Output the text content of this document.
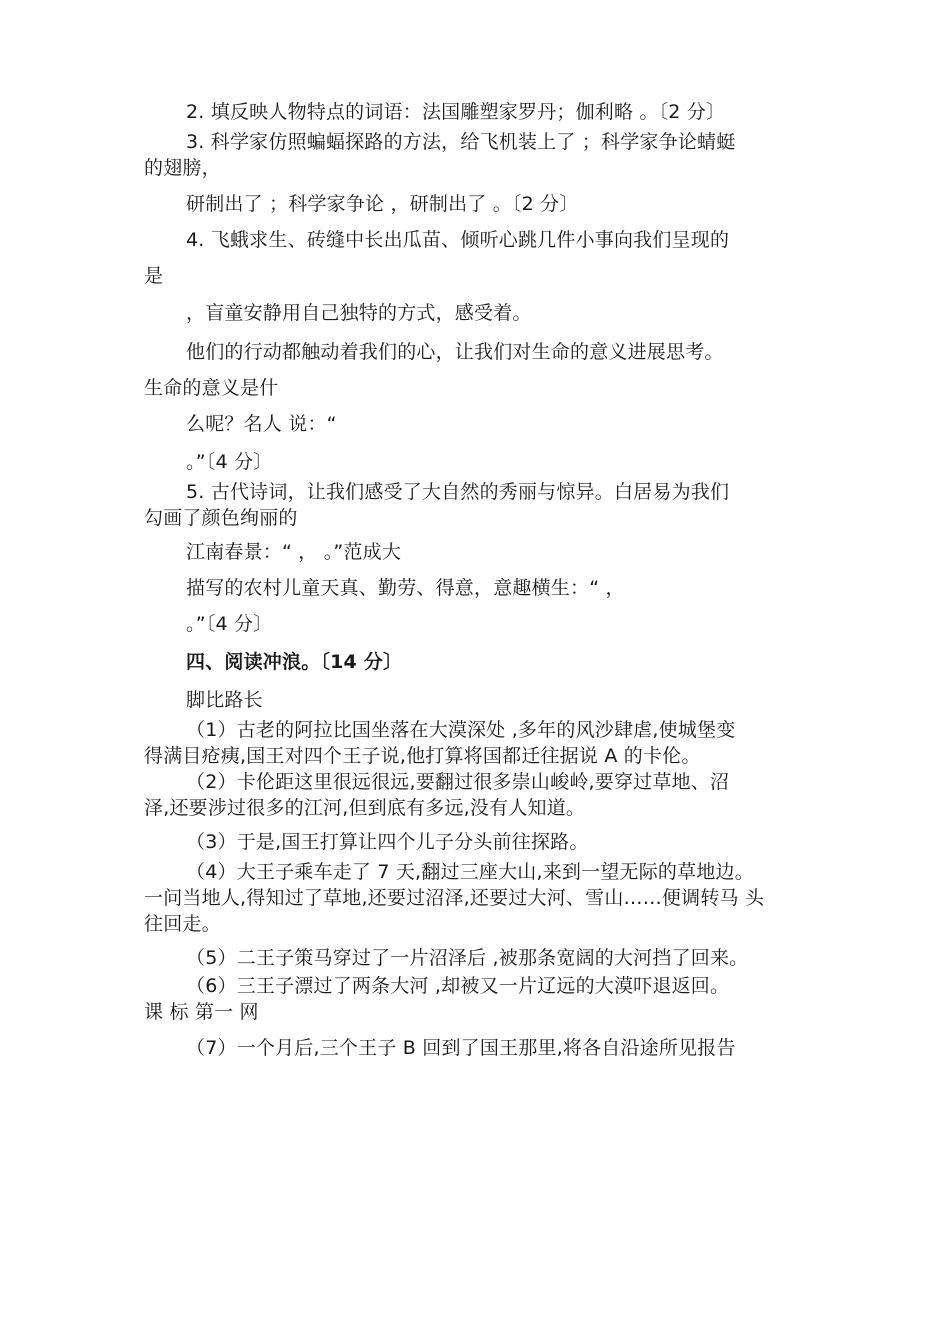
2. 填反映人物特点的词语：法国雕塑家罗丹；伽利略 。〔2 分〕
3. 科学家仿照蝙蝠探路的方法，给飞机装上了 ；科学家争论蜻蜓
的翅膀，
研制出了 ；科学家争论 ，研制出了 。〔2 分〕
4. 飞蛾求生、砖缝中长出瓜苗、倾听心跳几件小事向我们呈现的
是
，盲童安静用自己独特的方式，感受着。
他们的行动都触动着我们的心，让我们对生命的意义进展思考。
生命的意义是什
么呢？名人 说：“
。”〔4 分〕
5. 古代诗词，让我们感受了大自然的秀丽与惊异。白居易为我们
勾画了颜色绚丽的
江南春景：“ ， 。”范成大
描写的农村儿童天真、勤劳、得意，意趣横生：“ ，
。”〔4 分〕
四、阅读冲浪。〔14 分〕
脚比路长
（1）古老的阿拉比国坐落在大漠深处 ,多年的风沙肆虐,使城堡变
得满目疮痍,国王对四个王子说,他打算将国都迁往据说 A 的卡伦。
（2）卡伦距这里很远很远,要翻过很多崇山峻岭,要穿过草地、沼
泽,还要涉过很多的江河,但到底有多远,没有人知道。
（3）于是,国王打算让四个儿子分头前往探路。
（4）大王子乘车走了 7 天,翻过三座大山,来到一望无际的草地边。
一问当地人,得知过了草地,还要过沼泽,还要过大河、雪山……便调转马 头
往回走。
（5）二王子策马穿过了一片沼泽后 ,被那条宽阔的大河挡了回来。
（6）三王子漂过了两条大河 ,却被又一片辽远的大漠吓退返回。
课 标 第一 网
（7）一个月后,三个王子 B 回到了国王那里,将各自沿途所见报告
